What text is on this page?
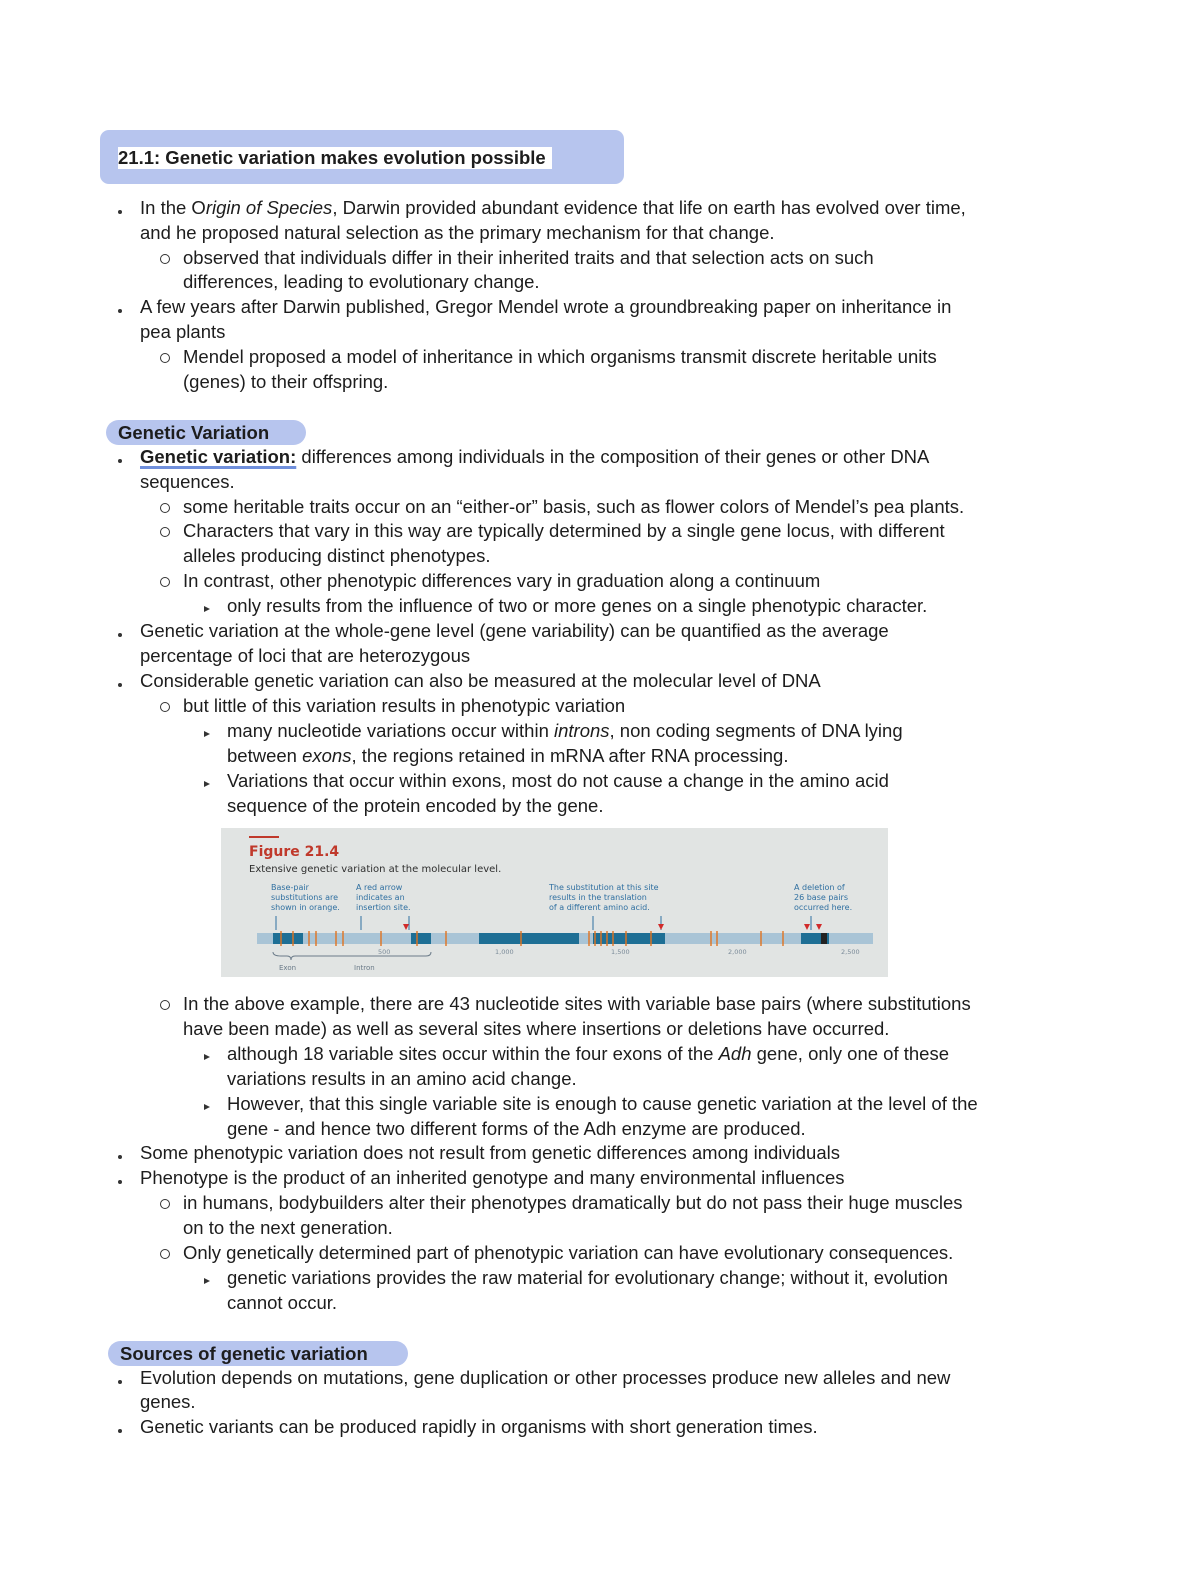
21.1: Genetic variation makes evolution possible
In the Origin of Species, Darwin provided abundant evidence that life on earth has evolved over time,
and he proposed natural selection as the primary mechanism for that change.
observed that individuals differ in their inherited traits and that selection acts on such
differences, leading to evolutionary change.
A few years after Darwin published, Gregor Mendel wrote a groundbreaking paper on inheritance in
pea plants
Mendel proposed a model of inheritance in which organisms transmit discrete heritable units
(genes) to their offspring.
Genetic Variation
Genetic variation: differences among individuals in the composition of their genes or other DNA
sequences.
some heritable traits occur on an “either-or” basis, such as flower colors of Mendel’s pea plants.
Characters that vary in this way are typically determined by a single gene locus, with different
alleles producing distinct phenotypes.
In contrast, other phenotypic differences vary in graduation along a continuum
only results from the influence of two or more genes on a single phenotypic character.
Genetic variation at the whole-gene level (gene variability) can be quantified as the average
percentage of loci that are heterozygous
Considerable genetic variation can also be measured at the molecular level of DNA
but little of this variation results in phenotypic variation
many nucleotide variations occur within introns, non coding segments of DNA lying
between exons, the regions retained in mRNA after RNA processing.
Variations that occur within exons, most do not cause a change in the amino acid
sequence of the protein encoded by the gene.
Figure 21.4
Extensive genetic variation at the molecular level.
Base-pair
substitutions are
shown in orange.
A red arrow
indicates an
insertion site.
The substitution at this site
results in the translation
of a different amino acid.
A deletion of
26 base pairs
occurred here.
500	1,000	1,500	2,000	2,500
Exon	Intron
In the above example, there are 43 nucleotide sites with variable base pairs (where substitutions
have been made) as well as several sites where insertions or deletions have occurred.
although 18 variable sites occur within the four exons of the Adh gene, only one of these
variations results in an amino acid change.
However, that this single variable site is enough to cause genetic variation at the level of the
gene - and hence two different forms of the Adh enzyme are produced.
Some phenotypic variation does not result from genetic differences among individuals
Phenotype is the product of an inherited genotype and many environmental influences
in humans, bodybuilders alter their phenotypes dramatically but do not pass their huge muscles
on to the next generation.
Only genetically determined part of phenotypic variation can have evolutionary consequences.
genetic variations provides the raw material for evolutionary change; without it, evolution
cannot occur.
Sources of genetic variation
Evolution depends on mutations, gene duplication or other processes produce new alleles and new
genes.
Genetic variants can be produced rapidly in organisms with short generation times.
